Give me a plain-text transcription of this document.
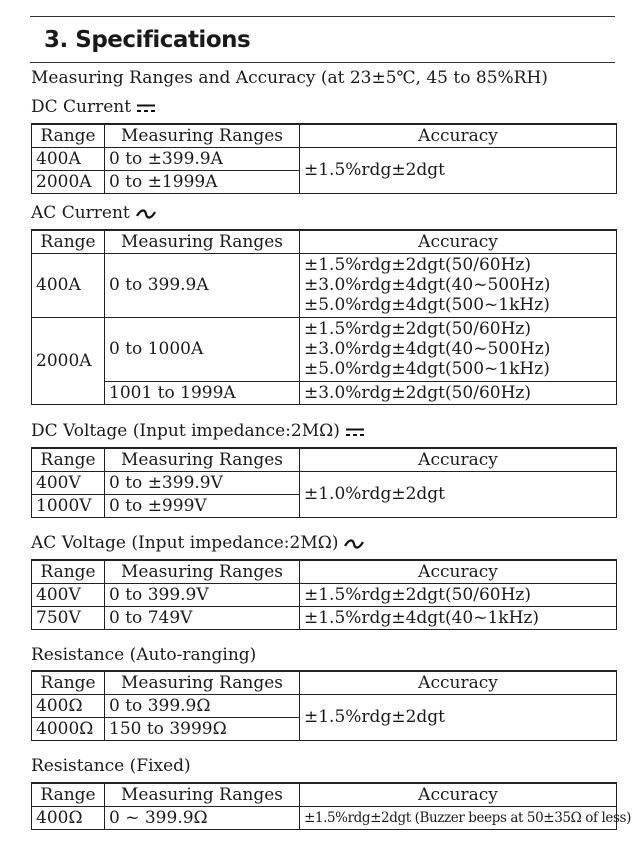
3. Specifications
Measuring Ranges and Accuracy (at 23±5℃, 45 to 85%RH)
DC Current
Range	Measuring Ranges	Accuracy
400A	0 to ±399.9A	±1.5%rdg±2dgt
2000A	0 to ±1999A	
AC Current
Range	Measuring Ranges	Accuracy
400A	0 to 399.9A	±1.5%rdg±2dgt(50/60Hz)
±3.0%rdg±4dgt(40~500Hz)
±5.0%rdg±4dgt(500~1kHz)

2000A	0 to 1000A	±1.5%rdg±2dgt(50/60Hz)
±3.0%rdg±4dgt(40~500Hz)
±5.0%rdg±4dgt(500~1kHz)

	1001 to 1999A	±3.0%rdg±2dgt(50/60Hz)
DC Voltage (Input impedance:2MΩ)
Range	Measuring Ranges	Accuracy
400V	0 to ±399.9V	±1.0%rdg±2dgt
1000V	0 to ±999V	
AC Voltage (Input impedance:2MΩ)
Range	Measuring Ranges	Accuracy
400V	0 to 399.9V	±1.5%rdg±2dgt(50/60Hz)
750V	0 to 749V	±1.5%rdg±4dgt(40~1kHz)
Resistance (Auto-ranging)
Range	Measuring Ranges	Accuracy
400Ω	0 to 399.9Ω	±1.5%rdg±2dgt
4000Ω	150 to 3999Ω	
Resistance (Fixed)
Range	Measuring Ranges	Accuracy
400Ω	0 ~ 399.9Ω	±1.5%rdg±2dgt (Buzzer beeps at 50±35Ω of less)
